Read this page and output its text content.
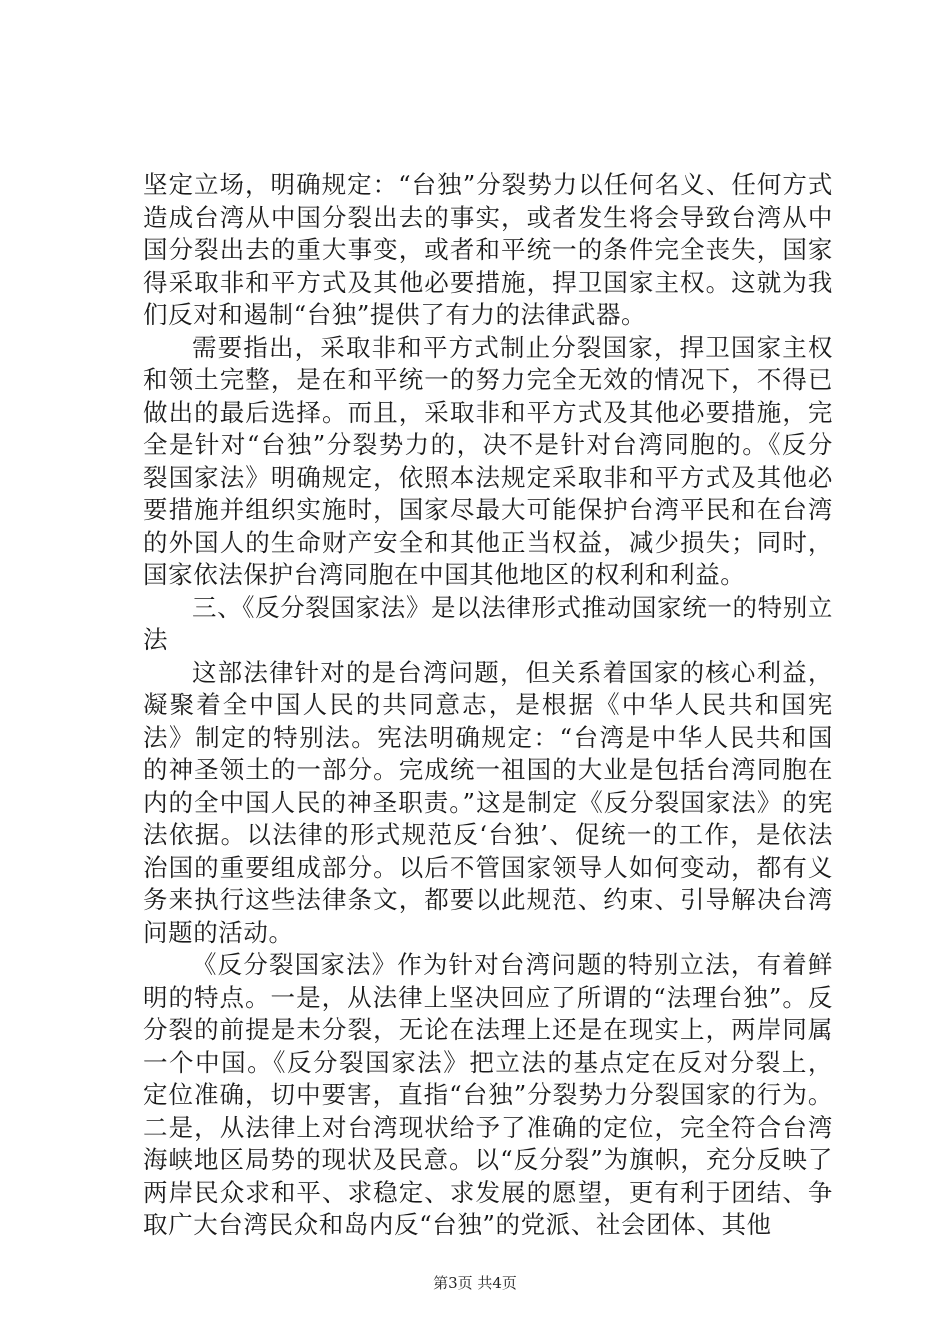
坚定立场，明确规定：“台独”分裂势力以任何名义、任何方式造成台湾从中国分裂出去的事实，或者发生将会导致台湾从中国分裂出去的重大事变，或者和平统一的条件完全丧失，国家得采取非和平方式及其他必要措施，捍卫国家主权。这就为我们反对和遏制“台独”提供了有力的法律武器。

需要指出，采取非和平方式制止分裂国家，捍卫国家主权和领土完整，是在和平统一的努力完全无效的情况下，不得已做出的最后选择。而且，采取非和平方式及其他必要措施，完全是针对“台独”分裂势力的，决不是针对台湾同胞的。《反分裂国家法》明确规定，依照本法规定采取非和平方式及其他必要措施并组织实施时，国家尽最大可能保护台湾平民和在台湾的外国人的生命财产安全和其他正当权益，减少损失；同时，国家依法保护台湾同胞在中国其他地区的权利和利益。

三、《反分裂国家法》是以法律形式推动国家统一的特别立法

这部法律针对的是台湾问题，但关系着国家的核心利益，凝聚着全中国人民的共同意志，是根据《中华人民共和国宪法》制定的特别法。宪法明确规定：“台湾是中华人民共和国的神圣领土的一部分。完成统一祖国的大业是包括台湾同胞在内的全中国人民的神圣职责。”这是制定《反分裂国家法》的宪法依据。以法律的形式规范反‘台独’、促统一的工作，是依法治国的重要组成部分。以后不管国家领导人如何变动，都有义务来执行这些法律条文，都要以此规范、约束、引导解决台湾问题的活动。

《反分裂国家法》作为针对台湾问题的特别立法，有着鲜明的特点。一是，从法律上坚决回应了所谓的“法理台独”。反分裂的前提是未分裂，无论在法理上还是在现实上，两岸同属一个中国。《反分裂国家法》把立法的基点定在反对分裂上，定位准确，切中要害，直指“台独”分裂势力分裂国家的行为。二是，从法律上对台湾现状给予了准确的定位，完全符合台湾海峡地区局势的现状及民意。以“反分裂”为旗帜，充分反映了两岸民众求和平、求稳定、求发展的愿望，更有利于团结、争取广大台湾民众和岛内反“台独”的党派、社会团体、其他

第3页 共4页
